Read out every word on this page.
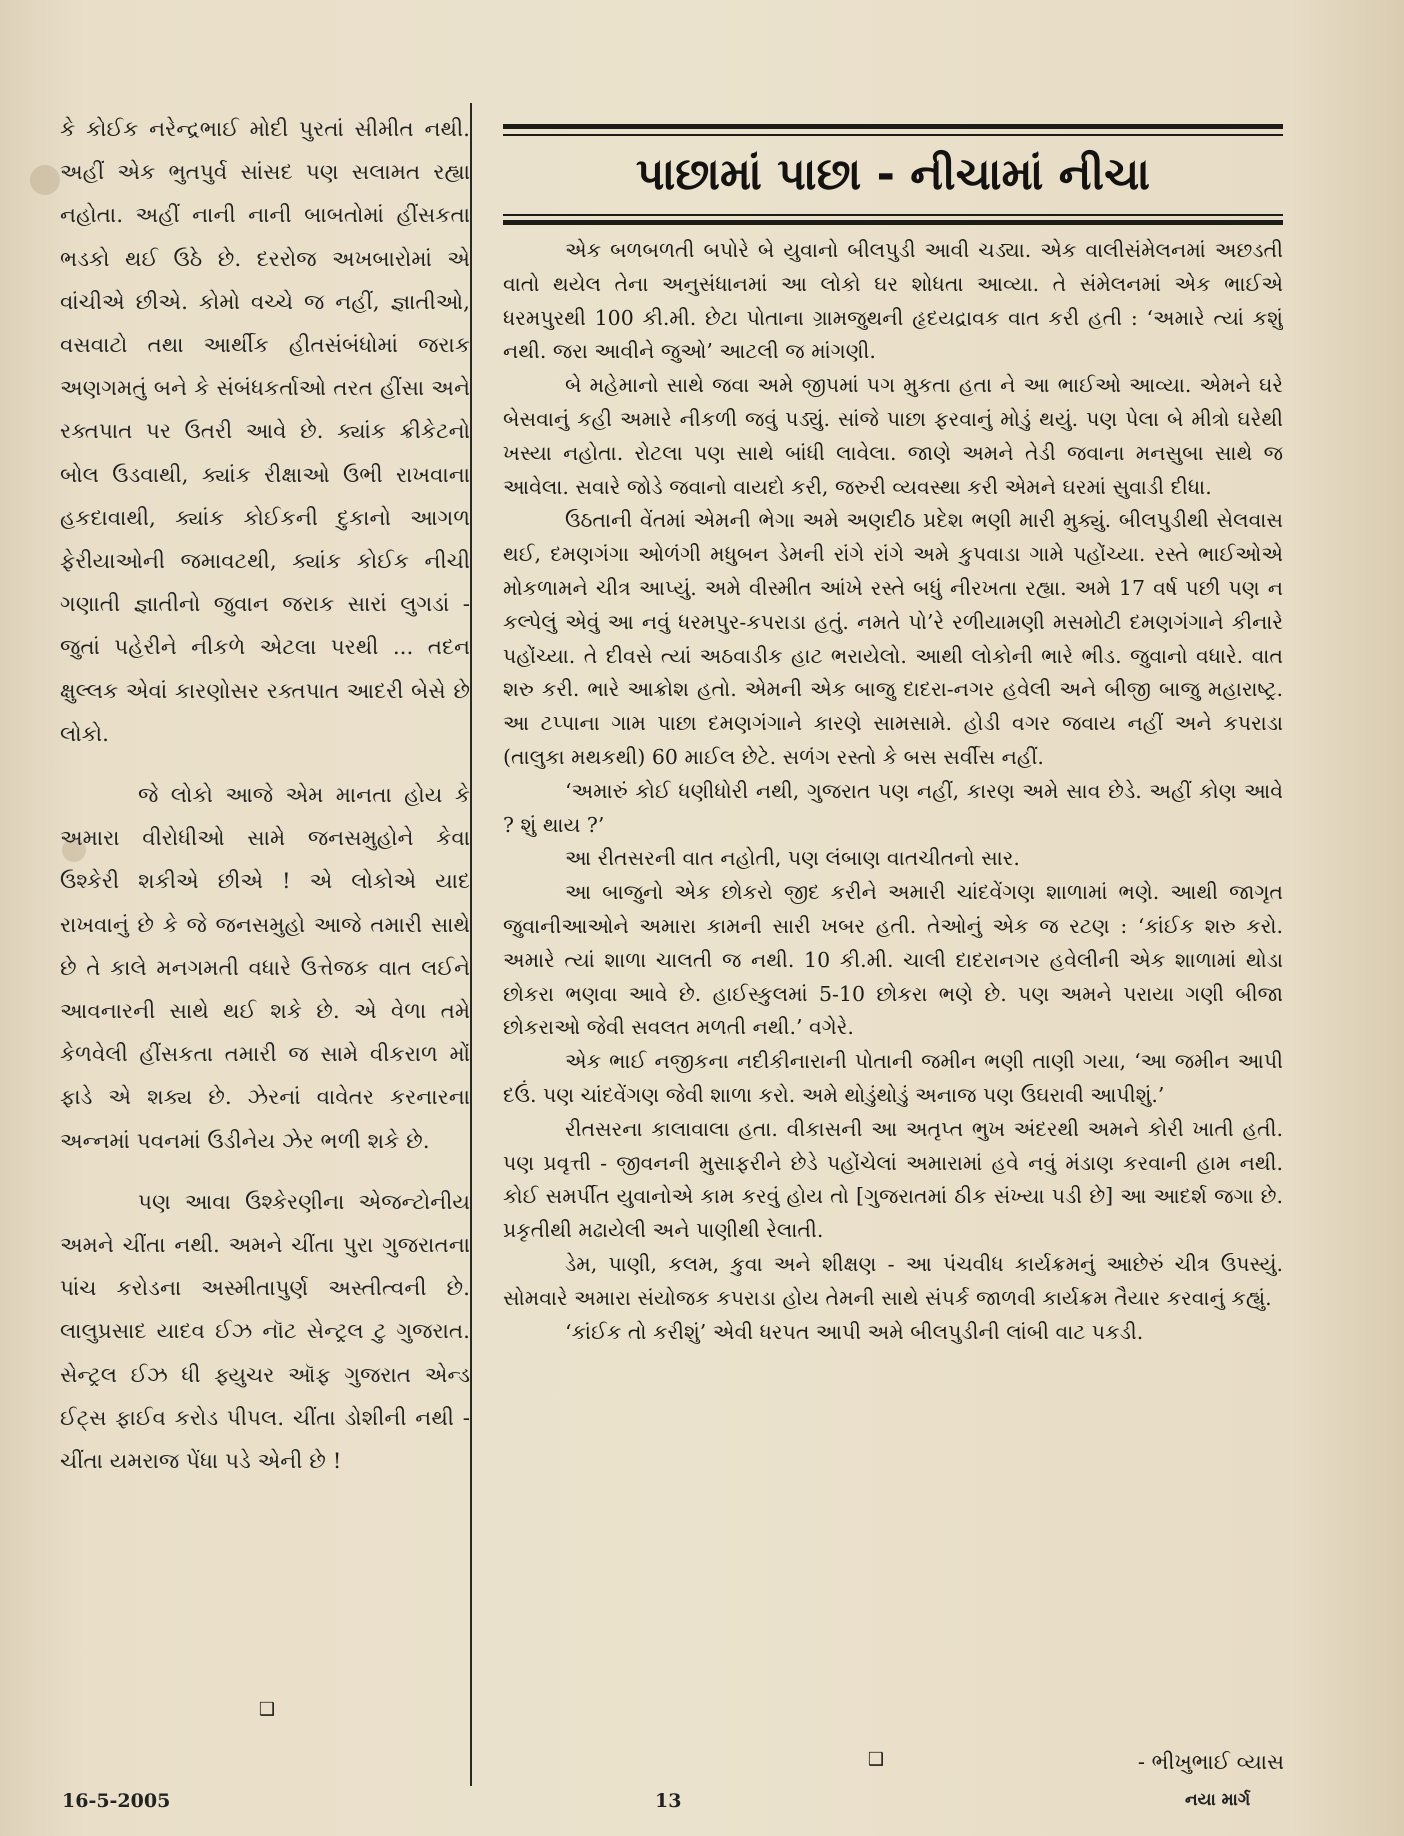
કે કોઈક નરેન્દ્રભાઈ મોદી પુરતાં સીમીત નથી. અહીં એક ભુતપુર્વ સાંસદ પણ સલામત રહ્યા નહોતા. અહીં નાની નાની બાબતોમાં હીંસકતા ભડકો થઈ ઉઠે છે. દરરોજ અખબારોમાં એ વાંચીએ છીએ. કોમો વચ્ચે જ નહીં, જ્ઞાતીઓ, વસવાટો તથા આર્થીક હીતસંબંધોમાં જરાક અણગમતું બને કે સંબંધકર્તાઓ તરત હીંસા અને રક્તપાત પર ઉતરી આવે છે. ક્યાંક ક્રીકેટનો બોલ ઉડવાથી, ક્યાંક રીક્ષાઓ ઉભી રાખવાના હકદાવાથી, ક્યાંક કોઈકની દુકાનો આગળ ફેરીયાઓની જમાવટથી, ક્યાંક કોઈક નીચી ગણાતી જ્ઞાતીનો જુવાન જરાક સારાં લુગડાં - જુતાં પહેરીને નીકળે એટલા પરથી ... તદન ક્ષુલ્લક એવાં કારણોસર રક્તપાત આદરી બેસે છે લોકો.

જે લોકો આજે એમ માનતા હોય કે અમારા વીરોધીઓ સામે જનસમુહોને કેવા ઉશ્કેરી શકીએ છીએ ! એ લોકોએ યાદ રાખવાનું છે કે જે જનસમુહો આજે તમારી સાથે છે તે કાલે મનગમતી વધારે ઉત્તેજક વાત લઈને આવનારની સાથે થઈ શકે છે. એ વેળા તમે કેળવેલી હીંસકતા તમારી જ સામે વીકરાળ મોં ફાડે એ શક્ય છે. ઝેરનાં વાવેતર કરનારના અન્નમાં પવનમાં ઉડીનેય ઝેર ભળી શકે છે.

પણ આવા ઉશ્કેરણીના એજન્ટોનીય અમને ચીંતા નથી. અમને ચીંતા પુરા ગુજરાતના પાંચ કરોડના અસ્મીતાપુર્ણ અસ્તીત્વની છે. લાલુપ્રસાદ યાદવ ઈઝ નૉટ સેન્ટ્રલ ટુ ગુજરાત. સેન્ટ્રલ ઈઝ ધી ફ્યુચર ઑફ ગુજરાત એન્ડ ઈટ્સ ફાઈવ કરોડ પીપલ. ચીંતા ડોશીની નથી - ચીંતા યમરાજ પેંધા પડે એની છે !

❑
પાછામાં પાછા - નીચામાં નીચા

એક બળબળતી બપોરે બે યુવાનો બીલપુડી આવી ચડ્યા. એક વાલીસંમેલનમાં અછડતી વાતો થયેલ તેના અનુસંધાનમાં આ લોકો ઘર શોધતા આવ્યા. તે સંમેલનમાં એક ભાઈએ ધરમપુરથી 100 કી.મી. છેટા પોતાના ગ્રામજુથની હૃદયદ્રાવક વાત કરી હતી : ‘અમારે ત્યાં કશું નથી. જરા આવીને જુઓ’ આટલી જ માંગણી.

બે મહેમાનો સાથે જવા અમે જીપમાં પગ મુકતા હતા ને આ ભાઈઓ આવ્યા. એમને ઘરે બેસવાનું કહી અમારે નીકળી જવું પડ્યું. સાંજે પાછા ફરવાનું મોડું થયું. પણ પેલા બે મીત્રો ઘરેથી ખસ્યા નહોતા. રોટલા પણ સાથે બાંધી લાવેલા. જાણે અમને તેડી જવાના મનસુબા સાથે જ આવેલા. સવારે જોડે જવાનો વાયદો કરી, જરુરી વ્યવસ્થા કરી એમને ઘરમાં સુવાડી દીધા.

ઉઠતાની વેંતમાં એમની ભેગા અમે અણદીઠ પ્રદેશ ભણી મારી મુક્યું. બીલપુડીથી સેલવાસ થઈ, દમણગંગા ઓળંગી મધુબન ડેમની રાંગે રાંગે અમે કુપવાડા ગામે પહોંચ્યા. રસ્તે ભાઈઓએ મોકળામને ચીત્ર આપ્યું. અમે વીસ્મીત આંખે રસ્તે બધું નીરખતા રહ્યા. અમે 17 વર્ષ પછી પણ ન કલ્પેલું એવું આ નવું ધરમપુર-કપરાડા હતું. નમતે પો’રે રળીયામણી મસમોટી દમણગંગાને કીનારે પહોંચ્યા. તે દીવસે ત્યાં અઠવાડીક હાટ ભરાયેલો. આથી લોકોની ભારે ભીડ. જુવાનો વધારે. વાત શરુ કરી. ભારે આક્રોશ હતો. એમની એક બાજુ દાદરા-નગર હવેલી અને બીજી બાજુ મહારાષ્ટ્ર. આ ટપ્પાના ગામ પાછા દમણગંગાને કારણે સામસામે. હોડી વગર જવાય નહીં અને કપરાડા (તાલુકા મથકથી) 60 માઈલ છેટે. સળંગ રસ્તો કે બસ સર્વીસ નહીં.

‘અમારું કોઈ ધણીધોરી નથી, ગુજરાત પણ નહીં, કારણ અમે સાવ છેડે. અહીં કોણ આવે ? શું થાય ?’

આ રીતસરની વાત નહોતી, પણ લંબાણ વાતચીતનો સાર.

આ બાજુનો એક છોકરો જીદ કરીને અમારી ચાંદવેંગણ શાળામાં ભણે. આથી જાગૃત જુવાનીઆઓને અમારા કામની સારી ખબર હતી. તેઓનું એક જ રટણ : ‘કાંઈક શરુ કરો. અમારે ત્યાં શાળા ચાલતી જ નથી. 10 કી.મી. ચાલી દાદરાનગર હવેલીની એક શાળામાં થોડા છોકરા ભણવા આવે છે. હાઈસ્કુલમાં 5-10 છોકરા ભણે છે. પણ અમને પરાયા ગણી બીજા છોકરાઓ જેવી સવલત મળતી નથી.’ વગેરે.

એક ભાઈ નજીકના નદીકીનારાની પોતાની જમીન ભણી તાણી ગયા, ‘આ જમીન આપી દઉં. પણ ચાંદવેંગણ જેવી શાળા કરો. અમે થોડુંથોડું અનાજ પણ ઉઘરાવી આપીશું.’

રીતસરના કાલાવાલા હતા. વીકાસની આ અતૃપ્ત ભુખ અંદરથી અમને કોરી ખાતી હતી. પણ પ્રવૃત્તી - જીવનની મુસાફરીને છેડે પહોંચેલાં અમારામાં હવે નવું મંડાણ કરવાની હામ નથી. કોઈ સમર્પીત યુવાનોએ કામ કરવું હોય તો [ગુજરાતમાં ઠીક સંખ્યા પડી છે] આ આદર્શ જગા છે. પ્રકૃતીથી મઢાયેલી અને પાણીથી રેલાતી.

ડેમ, પાણી, કલમ, કુવા અને શીક્ષણ - આ પંચવીધ કાર્યક્રમનું આછેરું ચીત્ર ઉપસ્યું. સોમવારે અમારા સંયોજક કપરાડા હોય તેમની સાથે સંપર્ક જાળવી કાર્યક્રમ તૈયાર કરવાનું કહ્યું.

‘કાંઈક તો કરીશું’ એવી ધરપત આપી અમે બીલપુડીની લાંબી વાટ પકડી.

❑	- ભીખુભાઈ વ્યાસ
16-5-2005	13	નયા માર્ગ
